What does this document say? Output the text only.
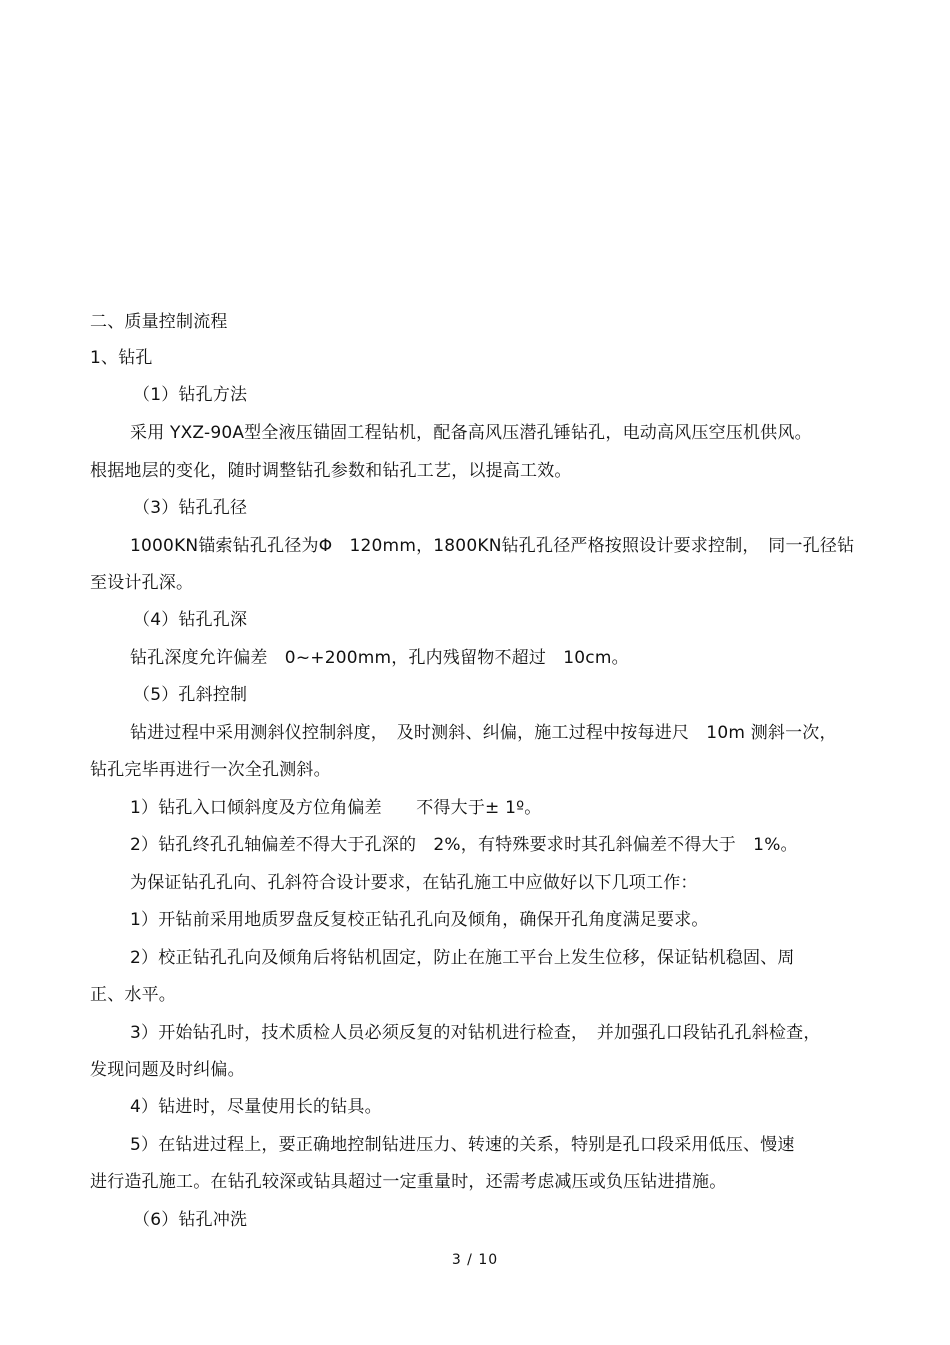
二、质量控制流程
1、钻孔
（1）钻孔方法
采用 YXZ-90A型全液压锚固工程钻机，配备高风压潜孔锤钻孔，电动高风压空压机供风。
根据地层的变化，随时调整钻孔参数和钻孔工艺，以提高工效。
（3）钻孔孔径
1000KN锚索钻孔孔径为Φ　120mm，1800KN钻孔孔径严格按照设计要求控制，　同一孔径钻
至设计孔深。
（4）钻孔孔深
钻孔深度允许偏差　0~+200mm，孔内残留物不超过　10cm。
（5）孔斜控制
钻进过程中采用测斜仪控制斜度，　及时测斜、纠偏，施工过程中按每进尺　10m 测斜一次，
钻孔完毕再进行一次全孔测斜。
1）钻孔入口倾斜度及方位角偏差　　不得大于± 1º。
2）钻孔终孔孔轴偏差不得大于孔深的　2%，有特殊要求时其孔斜偏差不得大于　1%。
为保证钻孔孔向、孔斜符合设计要求，在钻孔施工中应做好以下几项工作：
1）开钻前采用地质罗盘反复校正钻孔孔向及倾角，确保开孔角度满足要求。
2）校正钻孔孔向及倾角后将钻机固定，防止在施工平台上发生位移，保证钻机稳固、周
正、水平。
3）开始钻孔时，技术质检人员必须反复的对钻机进行检查，　并加强孔口段钻孔孔斜检查，
发现问题及时纠偏。
4）钻进时，尽量使用长的钻具。
5）在钻进过程上，要正确地控制钻进压力、转速的关系，特别是孔口段采用低压、慢速
进行造孔施工。在钻孔较深或钻具超过一定重量时，还需考虑减压或负压钻进措施。
（6）钻孔冲洗
3 / 10
